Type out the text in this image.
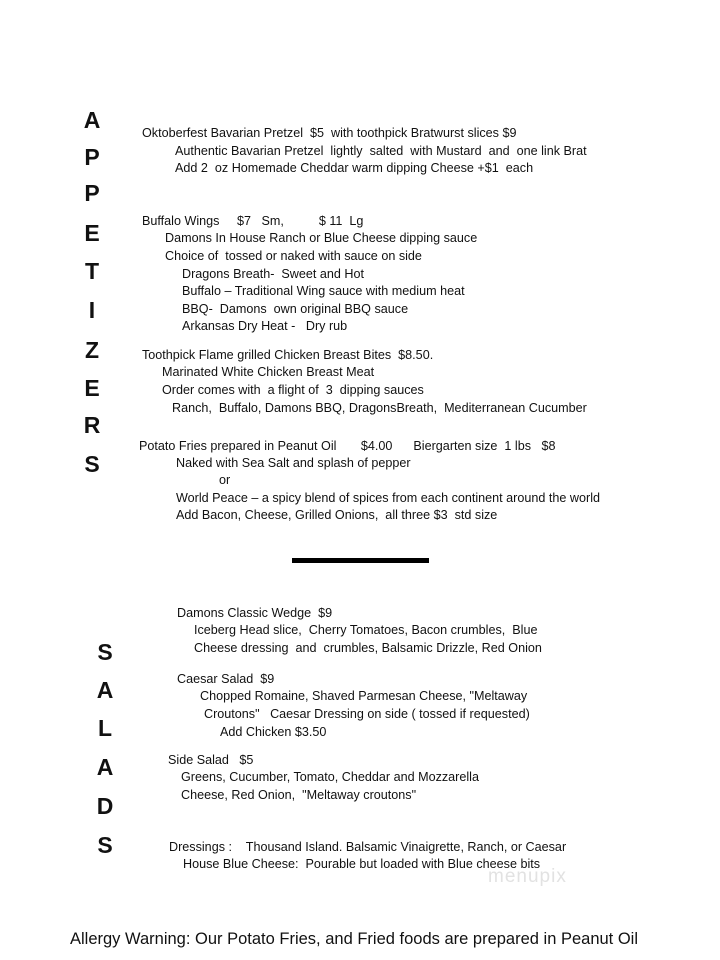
Allergy Warning: Our Potato Fries, and Fried foods are prepared in Peanut Oil
menupix
A
P
P
E
T
I
Z
E
R
S
S
A
L
A
D
S
Oktoberfest Bavarian Pretzel  $5  with toothpick Bratwurst slices $9
Authentic Bavarian Pretzel  lightly  salted  with Mustard  and  one link Brat
Add 2  oz Homemade Cheddar warm dipping Cheese +$1  each
Buffalo Wings     $7   Sm,          $ 11  Lg
Damons In House Ranch or Blue Cheese dipping sauce
Choice of  tossed or naked with sauce on side
Dragons Breath-  Sweet and Hot
Buffalo – Traditional Wing sauce with medium heat
BBQ-  Damons  own original BBQ sauce
Arkansas Dry Heat -   Dry rub
Toothpick Flame grilled Chicken Breast Bites  $8.50.
Marinated White Chicken Breast Meat
Order comes with  a flight of  3  dipping sauces
Ranch,  Buffalo, Damons BBQ, DragonsBreath,  Mediterranean Cucumber
Potato Fries prepared in Peanut Oil       $4.00      Biergarten size  1 lbs   $8
Naked with Sea Salt and splash of pepper
or
World Peace – a spicy blend of spices from each continent around the world
Add Bacon, Cheese, Grilled Onions,  all three $3  std size
Damons Classic Wedge  $9
Iceberg Head slice,  Cherry Tomatoes, Bacon crumbles,  Blue
Cheese dressing  and  crumbles, Balsamic Drizzle, Red Onion
Caesar Salad  $9
Chopped Romaine, Shaved Parmesan Cheese, "Meltaway
Croutons"   Caesar Dressing on side ( tossed if requested)
Add Chicken $3.50
Side Salad   $5
Greens, Cucumber, Tomato, Cheddar and Mozzarella
Cheese, Red Onion,  "Meltaway croutons"
Dressings :    Thousand Island. Balsamic Vinaigrette, Ranch, or Caesar
House Blue Cheese:  Pourable but loaded with Blue cheese bits
